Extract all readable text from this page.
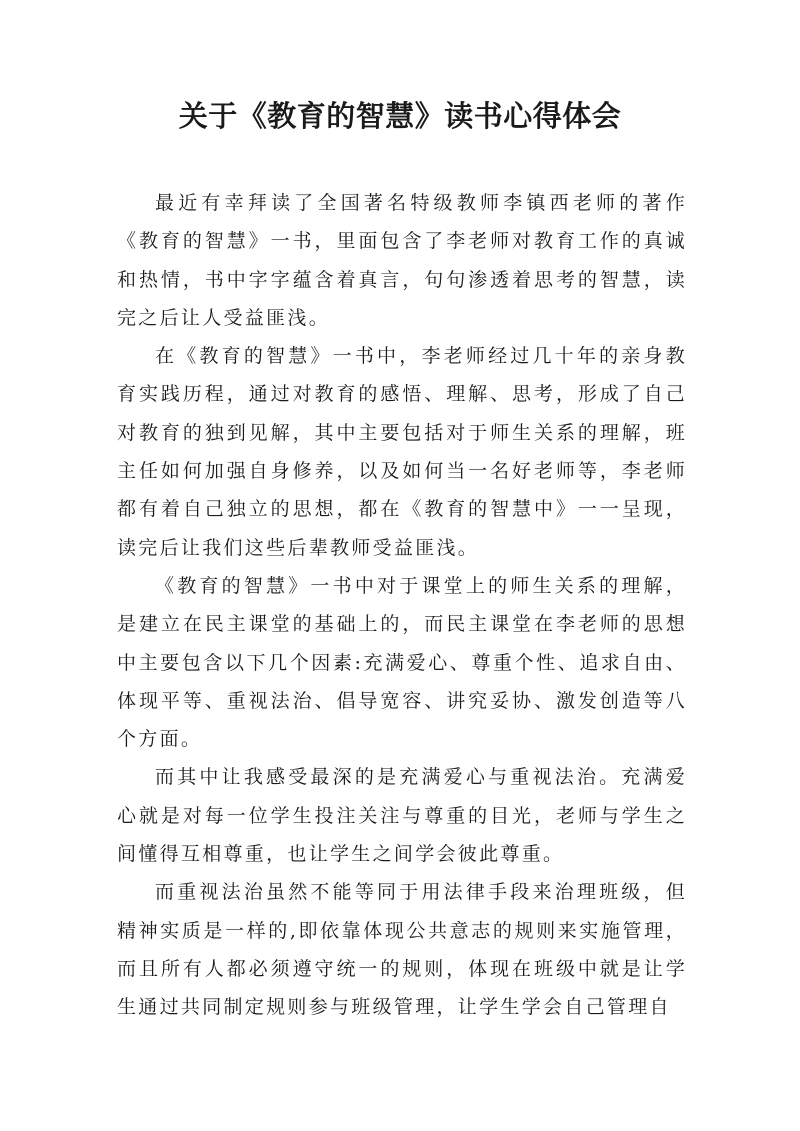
关于《教育的智慧》读书心得体会

最近有幸拜读了全国著名特级教师李镇西老师的著作《教育的智慧》一书，里面包含了李老师对教育工作的真诚和热情，书中字字蕴含着真言，句句渗透着思考的智慧，读完之后让人受益匪浅。

在《教育的智慧》一书中，李老师经过几十年的亲身教育实践历程，通过对教育的感悟、理解、思考，形成了自己对教育的独到见解，其中主要包括对于师生关系的理解，班主任如何加强自身修养，以及如何当一名好老师等，李老师都有着自己独立的思想，都在《教育的智慧中》一一呈现，读完后让我们这些后辈教师受益匪浅。

《教育的智慧》一书中对于课堂上的师生关系的理解，是建立在民主课堂的基础上的，而民主课堂在李老师的思想中主要包含以下几个因素:充满爱心、尊重个性、追求自由、体现平等、重视法治、倡导宽容、讲究妥协、激发创造等八个方面。

而其中让我感受最深的是充满爱心与重视法治。充满爱心就是对每一位学生投注关注与尊重的目光，老师与学生之间懂得互相尊重，也让学生之间学会彼此尊重。

而重视法治虽然不能等同于用法律手段来治理班级，但精神实质是一样的,即依靠体现公共意志的规则来实施管理，而且所有人都必须遵守统一的规则，体现在班级中就是让学生通过共同制定规则参与班级管理，让学生学会自己管理自
